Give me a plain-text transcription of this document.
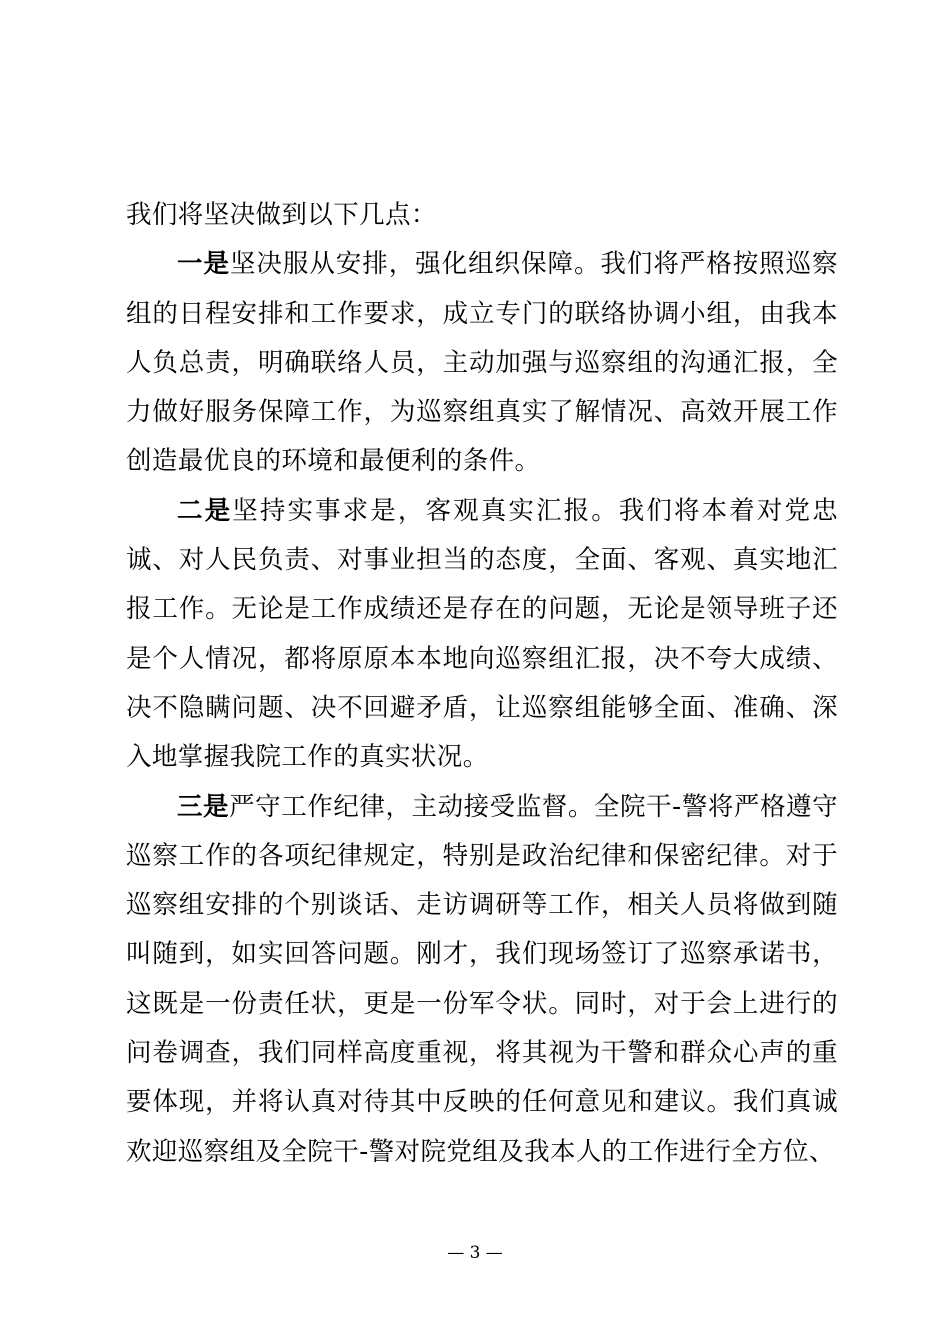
我们将坚决做到以下几点：

一是坚决服从安排，强化组织保障。我们将严格按照巡察组的日程安排和工作要求，成立专门的联络协调小组，由我本人负总责，明确联络人员，主动加强与巡察组的沟通汇报，全力做好服务保障工作，为巡察组真实了解情况、高效开展工作创造最优良的环境和最便利的条件。

二是坚持实事求是，客观真实汇报。我们将本着对党忠诚、对人民负责、对事业担当的态度，全面、客观、真实地汇报工作。无论是工作成绩还是存在的问题，无论是领导班子还是个人情况，都将原原本本地向巡察组汇报，决不夸大成绩、决不隐瞒问题、决不回避矛盾，让巡察组能够全面、准确、深入地掌握我院工作的真实状况。

三是严守工作纪律，主动接受监督。全院干-警将严格遵守巡察工作的各项纪律规定，特别是政治纪律和保密纪律。对于巡察组安排的个别谈话、走访调研等工作，相关人员将做到随叫随到，如实回答问题。刚才，我们现场签订了巡察承诺书，这既是一份责任状，更是一份军令状。同时，对于会上进行的问卷调查，我们同样高度重视，将其视为干警和群众心声的重要体现，并将认真对待其中反映的任何意见和建议。我们真诚欢迎巡察组及全院干-警对院党组及我本人的工作进行全方位、

— 3 —
